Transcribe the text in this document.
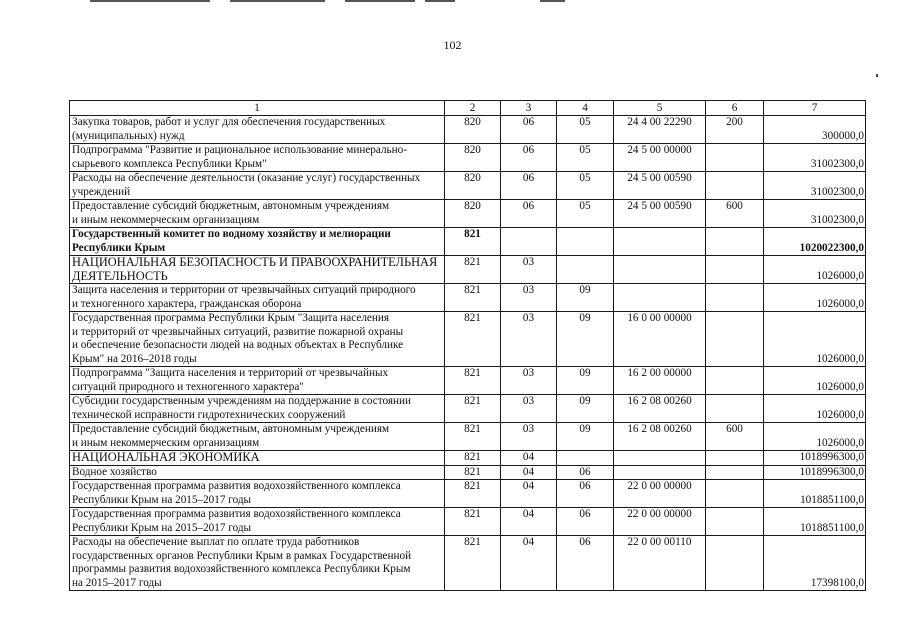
102
1	2	3	4	5	6	7

Закупка товаров, работ и услуг для обеспечения государственных
(муниципальных) нужд	820	06	05	24 4 00 22290	200	300000,0

Подпрограмма "Развитие и рациональное использование минерально-
сырьевого комплекса Республики Крым"	820	06	05	24 5 00 00000		31002300,0

Расходы на обеспечение деятельности (оказание услуг) государственных
учреждений	820	06	05	24 5 00 00590		31002300,0

Предоставление субсидий бюджетным, автономным учреждениям
и иным некоммерческим организациям	820	06	05	24 5 00 00590	600	31002300,0

Государственный комитет по водному хозяйству и мелиорации
Республики Крым	821					1020022300,0

НАЦИОНАЛЬНАЯ БЕЗОПАСНОСТЬ И ПРАВООХРАНИТЕЛЬНАЯ
ДЕЯТЕЛЬНОСТЬ	821	03				1026000,0

Защита населения и территории от чрезвычайных ситуаций природного
и техногенного характера, гражданская оборона	821	03	09			1026000,0

Государственная программа Республики Крым "Защита населения
и территорий от чрезвычайных ситуаций, развитие пожарной охраны
и обеспечение безопасности людей на водных объектах в Республике
Крым" на 2016–2018 годы	821	03	09	16 0 00 00000		1026000,0

Подпрограмма "Защита населения и территорий от чрезвычайных
ситуаций природного и техногенного характера"	821	03	09	16 2 00 00000		1026000,0

Субсидии государственным учреждениям на поддержание в состоянии
технической исправности гидротехнических сооружений	821	03	09	16 2 08 00260		1026000,0

Предоставление субсидий бюджетным, автономным учреждениям
и иным некоммерческим организациям	821	03	09	16 2 08 00260	600	1026000,0

НАЦИОНАЛЬНАЯ ЭКОНОМИКА	821	04				1018996300,0

Водное хозяйство	821	04	06			1018996300,0

Государственная программа развития водохозяйственного комплекса
Республики Крым на 2015–2017 годы	821	04	06	22 0 00 00000		1018851100,0

Государственная программа развития водохозяйственного комплекса
Республики Крым на 2015–2017 годы	821	04	06	22 0 00 00000		1018851100,0

Расходы на обеспечение выплат по оплате труда работников
государственных органов Республики Крым в рамках Государственной
программы развития водохозяйственного комплекса Республики Крым
на 2015–2017 годы	821	04	06	22 0 00 00110		17398100,0
